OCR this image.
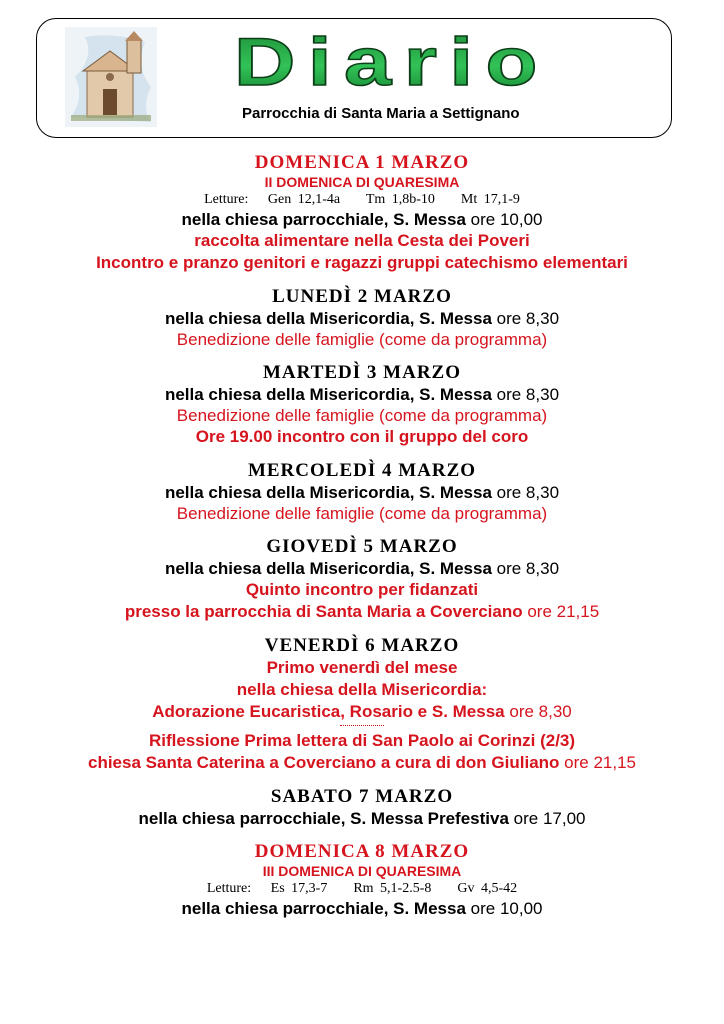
Diario
Parrocchia di Santa Maria a Settignano
DOMENICA 1 MARZO
II DOMENICA DI QUARESIMA
Letture:   Gen 12,1-4a    Tm 1,8b-10    Mt 17,1-9
nella chiesa parrocchiale, S. Messa ore 10,00
raccolta alimentare nella Cesta dei Poveri
Incontro e pranzo genitori e ragazzi gruppi catechismo elementari
LUNEDÌ 2 MARZO
nella chiesa della Misericordia, S. Messa ore 8,30
Benedizione delle famiglie (come da programma)
MARTEDÌ 3 MARZO
nella chiesa della Misericordia, S. Messa ore 8,30
Benedizione delle famiglie (come da programma)
Ore 19.00 incontro con il gruppo del coro
MERCOLEDÌ 4 MARZO
nella chiesa della Misericordia, S. Messa ore 8,30
Benedizione delle famiglie (come da programma)
GIOVEDÌ 5 MARZO
nella chiesa della Misericordia, S. Messa ore 8,30
Quinto incontro per fidanzati
presso la parrocchia di Santa Maria a Coverciano ore 21,15
VENERDÌ 6 MARZO
Primo venerdì del mese
nella chiesa della Misericordia:
Adorazione Eucaristica, Rosario e S. Messa ore 8,30
Riflessione Prima lettera di San Paolo ai Corinzi (2/3)
chiesa Santa Caterina a Coverciano a cura di don Giuliano ore 21,15
SABATO 7 MARZO
nella chiesa parrocchiale, S. Messa Prefestiva ore 17,00
DOMENICA 8 MARZO
III DOMENICA DI QUARESIMA
Letture:   Es 17,3-7    Rm 5,1-2.5-8    Gv 4,5-42
nella chiesa parrocchiale, S. Messa ore 10,00
